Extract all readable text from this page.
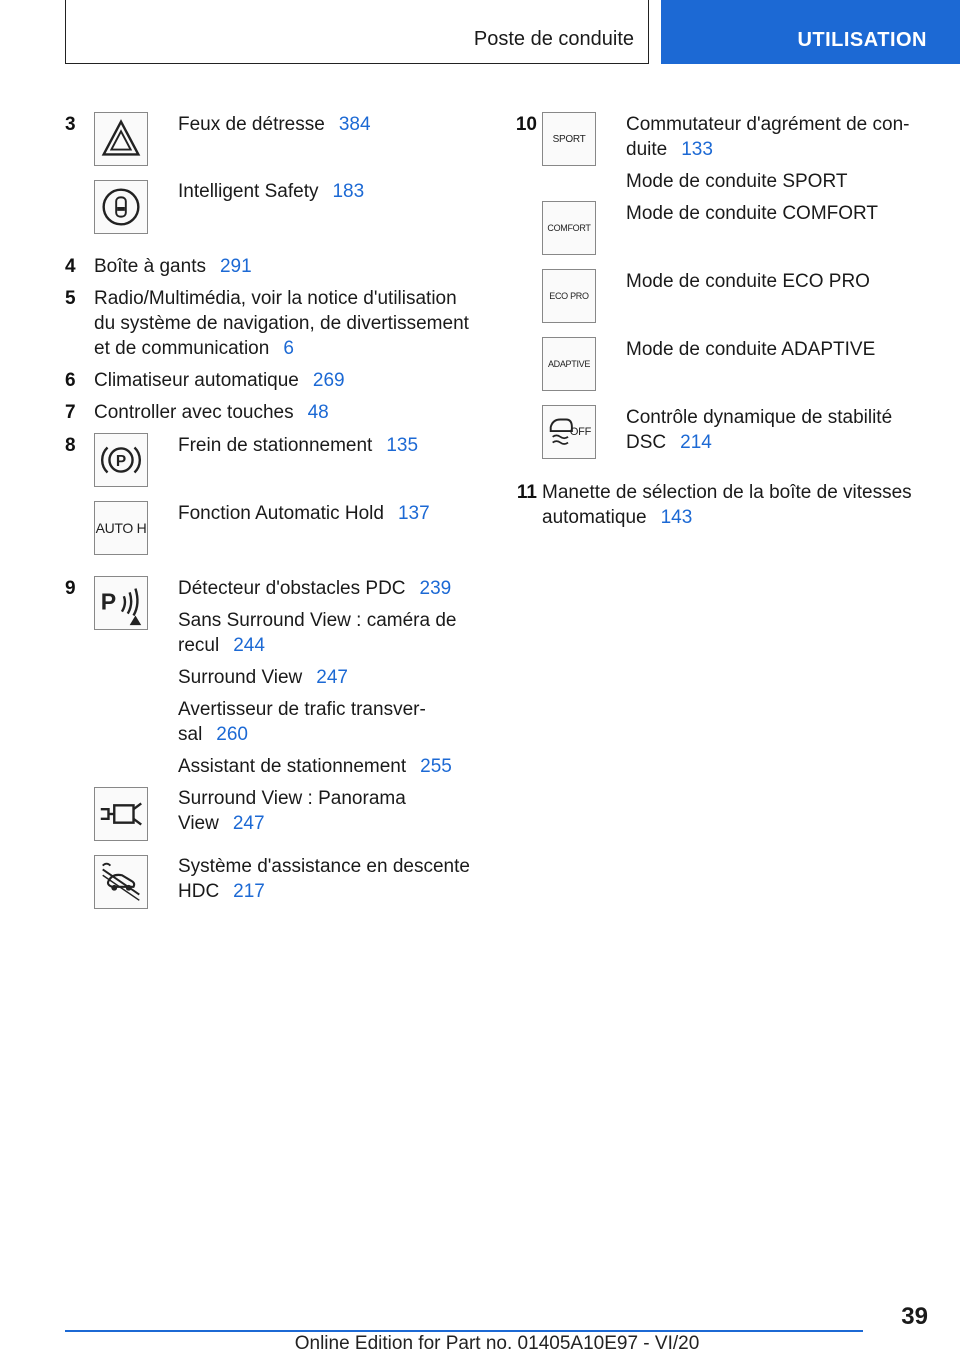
Poste de conduite	UTILISATION
3	Feux de détresse 384
Intelligent Safety 183
4 Boîte à gants 291
5 Radio/Multimédia, voir la notice d'utilisation
du système de navigation, de divertissement
et de communication 6
6 Climatiseur automatique 269
7 Controller avec touches 48
8
P
Frein de stationnement 135
AUTO H
Fonction Automatic Hold 137
9
P
Détecteur d'obstacles PDC 239
Sans Surround View : caméra de
recul 244
Surround View 247
Avertisseur de trafic transver-
sal 260
Assistant de stationnement 255
Surround View : Panorama
View 247
Système d'assistance en descente
HDC 217
10
SPORT
Commutateur d'agrément de con-
duite 133
Mode de conduite SPORT
COMFORT
Mode de conduite COMFORT
ECO PRO
Mode de conduite ECO PRO
ADAPTIVE
Mode de conduite ADAPTIVE
OFF
Contrôle dynamique de stabilité
DSC 214
11 Manette de sélection de la boîte de vitesses
automatique 143
39
Online Edition for Part no. 01405A10E97 - VI/20
